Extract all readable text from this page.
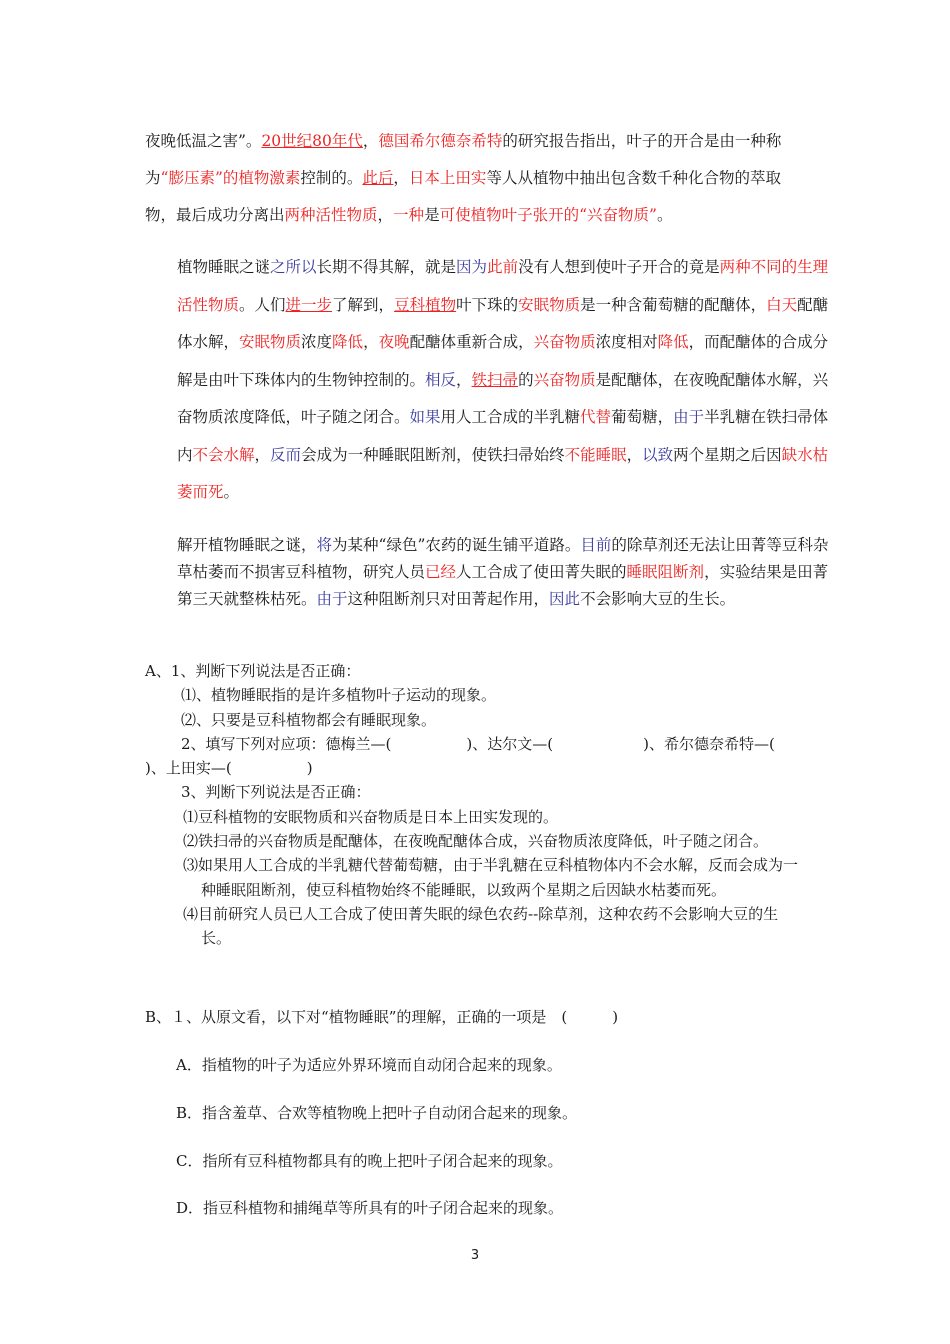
夜晚低温之害”。20世纪80年代，德国希尔德奈希特的研究报告指出，叶子的开合是由一种称为“膨压素”的植物激素控制的。此后，日本上田实等人从植物中抽出包含数千种化合物的萃取物，最后成功分离出两种活性物质，一种是可使植物叶子张开的“兴奋物质”。

植物睡眠之谜之所以长期不得其解，就是因为此前没有人想到使叶子开合的竟是两种不同的生理活性物质。人们进一步了解到，豆科植物叶下珠的安眠物质是一种含葡萄糖的配醣体，白天配醣体水解，安眠物质浓度降低，夜晚配醣体重新合成，兴奋物质浓度相对降低，而配醣体的合成分解是由叶下珠体内的生物钟控制的。相反，铁扫帚的兴奋物质是配醣体，在夜晚配醣体水解，兴奋物质浓度降低，叶子随之闭合。如果用人工合成的半乳糖代替葡萄糖，由于半乳糖在铁扫帚体内不会水解，反而会成为一种睡眠阻断剂，使铁扫帚始终不能睡眠，以致两个星期之后因缺水枯萎而死。

解开植物睡眠之谜，将为某种“绿色”农药的诞生铺平道路。目前的除草剂还无法让田菁等豆科杂草枯萎而不损害豆科植物，研究人员已经人工合成了使田菁失眠的睡眠阻断剂，实验结果是田菁第三天就整株枯死。由于这种阻断剂只对田菁起作用，因此不会影响大豆的生长。

A、1、判断下列说法是否正确：
⑴、植物睡眠指的是许多植物叶子运动的现象。
⑵、只要是豆科植物都会有睡眠现象。
2、填写下列对应项：德梅兰—(　　　　　)、达尔文—(　　　　　　)、希尔德奈希特—(
)、上田实—(　　　　　)
3、判断下列说法是否正确：
⑴豆科植物的安眠物质和兴奋物质是日本上田实发现的。
⑵铁扫帚的兴奋物质是配醣体，在夜晚配醣体合成，兴奋物质浓度降低，叶子随之闭合。
⑶如果用人工合成的半乳糖代替葡萄糖，由于半乳糖在豆科植物体内不会水解，反而会成为一种睡眠阻断剂，使豆科植物始终不能睡眠，以致两个星期之后因缺水枯萎而死。
⑷目前研究人员已人工合成了使田菁失眠的绿色农药--除草剂，这种农药不会影响大豆的生长。

B、１、从原文看，以下对“植物睡眠”的理解，正确的一项是　(　　　)

A．指植物的叶子为适应外界环境而自动闭合起来的现象。

B．指含羞草、合欢等植物晚上把叶子自动闭合起来的现象。

C．指所有豆科植物都具有的晚上把叶子闭合起来的现象。

D．指豆科植物和捕绳草等所具有的叶子闭合起来的现象。

3
